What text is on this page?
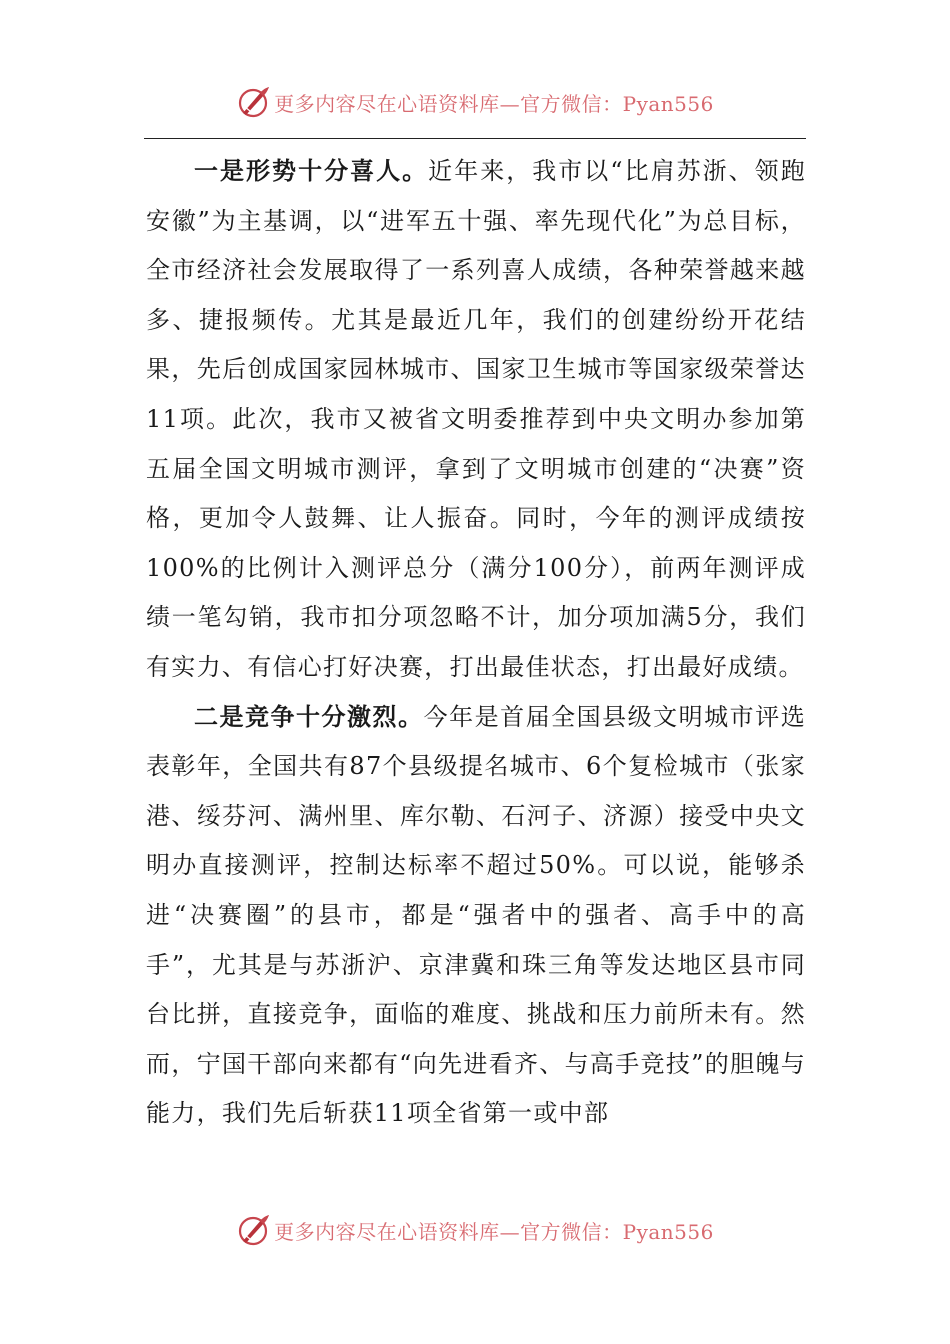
更多内容尽在心语资料库—官方微信：Pyan556

一是形势十分喜人。近年来，我市以“比肩苏浙、领跑安徽”为主基调，以“进军五十强、率先现代化”为总目标，全市经济社会发展取得了一系列喜人成绩，各种荣誉越来越多、捷报频传。尤其是最近几年，我们的创建纷纷开花结果，先后创成国家园林城市、国家卫生城市等国家级荣誉达11项。此次，我市又被省文明委推荐到中央文明办参加第五届全国文明城市测评，拿到了文明城市创建的“决赛”资格，更加令人鼓舞、让人振奋。同时，今年的测评成绩按100%的比例计入测评总分（满分100分），前两年测评成绩一笔勾销，我市扣分项忽略不计，加分项加满5分，我们有实力、有信心打好决赛，打出最佳状态，打出最好成绩。

二是竞争十分激烈。今年是首届全国县级文明城市评选表彰年，全国共有87个县级提名城市、6个复检城市（张家港、绥芬河、满州里、库尔勒、石河子、济源）接受中央文明办直接测评，控制达标率不超过50%。可以说，能够杀进“决赛圈”的县市，都是“强者中的强者、高手中的高手”，尤其是与苏浙沪、京津冀和珠三角等发达地区县市同台比拼，直接竞争，面临的难度、挑战和压力前所未有。然而，宁国干部向来都有“向先进看齐、与高手竞技”的胆魄与能力，我们先后斩获11项全省第一或中部

更多内容尽在心语资料库—官方微信：Pyan556
